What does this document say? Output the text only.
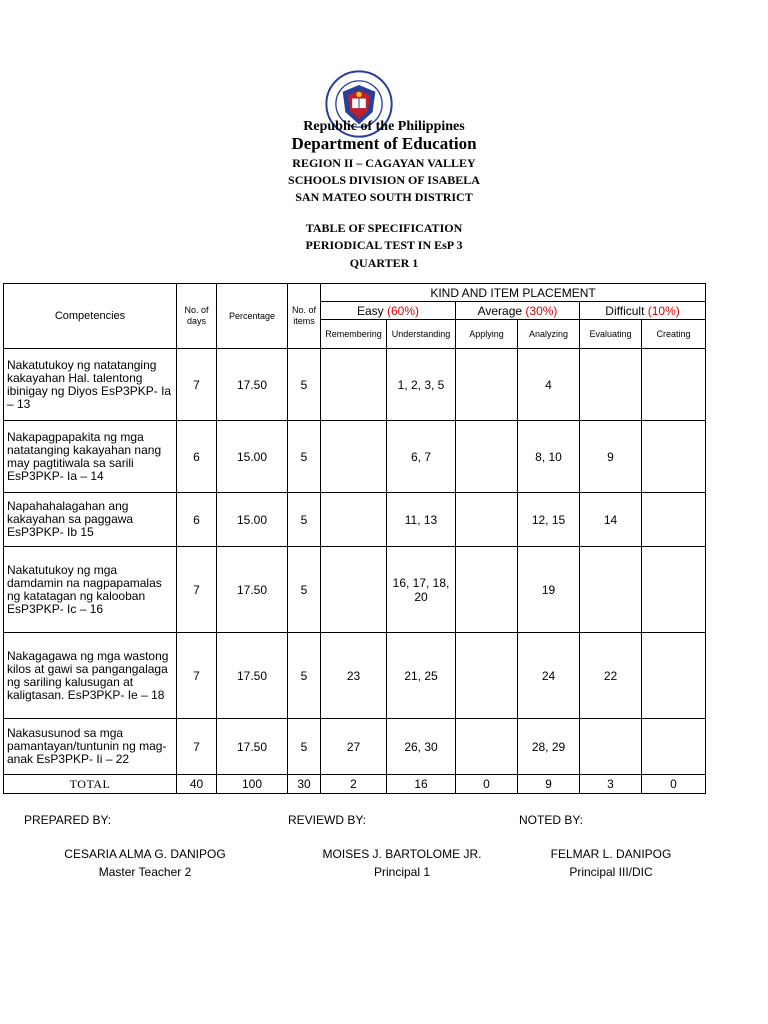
Republic of the Philippines
Department of Education
REGION II – CAGAYAN VALLEY
SCHOOLS DIVISION OF ISABELA
SAN MATEO SOUTH DISTRICT
TABLE OF SPECIFICATION
PERIODICAL TEST IN EsP 3
QUARTER 1
Competencies	No. of days	Percentage	No. of items	KIND AND ITEM PLACEMENT					
				Easy (60%)		Average (30%)		Difficult (10%)	
				Remembering	Understanding	Applying	Analyzing	Evaluating	Creating
Nakatutukoy ng natatanging kakayahan Hal. talentong ibinigay ng Diyos EsP3PKP- Ia – 13	7	17.50	5		1, 2, 3, 5		4		
Nakapagpapakita ng mga natatanging kakayahan nang may pagtitiwala sa sarili EsP3PKP- Ia – 14	6	15.00	5		6, 7		8, 10	9	
Napahahalagahan ang kakayahan sa paggawa EsP3PKP- Ib 15	6	15.00	5		11, 13		12, 15	14	
Nakatutukoy ng mga damdamin na nagpapamalas ng katatagan ng kalooban EsP3PKP- Ic – 16	7	17.50	5		16, 17, 18, 20		19		
Nakagagawa ng mga wastong kilos at gawi sa pangangalaga ng sariling kalusugan at kaligtasan. EsP3PKP- Ie – 18	7	17.50	5	23	21, 25		24	22	
Nakasusunod sa mga pamantayan/tuntunin ng mag-anak EsP3PKP- Ii – 22	7	17.50	5	27	26, 30		28, 29		
TOTAL	40	100	30	2	16	0	9	3	0
PREPARED BY:	REVIEWD BY:	NOTED BY:
CESARIA ALMA G. DANIPOG
Master Teacher 2
MOISES J. BARTOLOME JR.
Principal 1
FELMAR L. DANIPOG
Principal III/DIC
